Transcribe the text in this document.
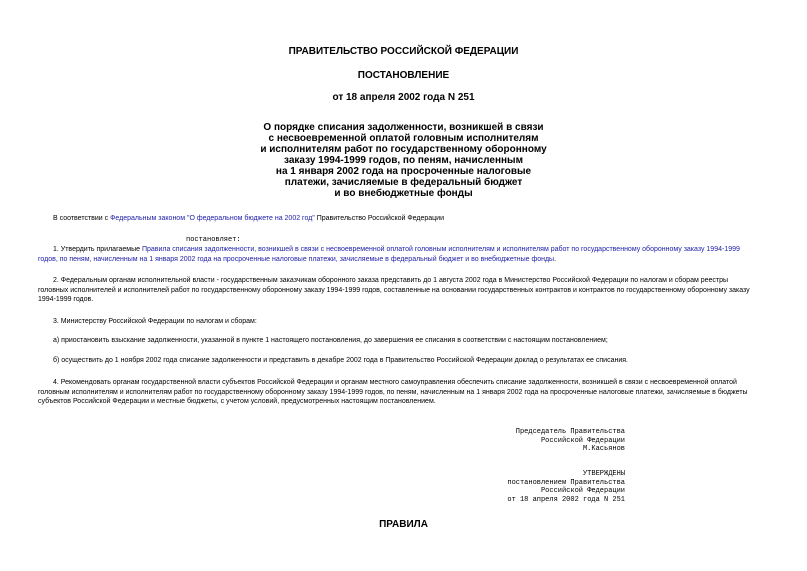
ПРАВИТЕЛЬСТВО РОССИЙСКОЙ ФЕДЕРАЦИИ
ПОСТАНОВЛЕНИЕ
от 18 апреля 2002 года N 251
О порядке списания задолженности, возникшей в связи
с несвоевременной оплатой головным исполнителям
и исполнителям работ по государственному оборонному
заказу 1994-1999 годов, по пеням, начисленным
на 1 января 2002 года на просроченные налоговые
платежи, зачисляемые в федеральный бюджет
и во внебюджетные фонды
В соответствии с Федеральным законом "О федеральном бюджете на 2002 год" Правительство Российской Федерации
постановляет:
1. Утвердить прилагаемые Правила списания задолженности, возникшей в связи с несвоевременной оплатой головным исполнителям и исполнителям работ по государственному оборонному заказу 1994-1999
годов, по пеням, начисленным на 1 января 2002 года на просроченные налоговые платежи, зачисляемые в федеральный бюджет и во внебюджетные фонды.
2. Федеральным органам исполнительной власти - государственным заказчикам оборонного заказа представить до 1 августа 2002 года в Министерство Российской Федерации по налогам и сборам реестры
головных исполнителей и исполнителей работ по государственному оборонному заказу 1994-1999 годов, составленные на основании государственных контрактов и контрактов по государственному оборонному заказу
1994-1999 годов.
3. Министерству Российской Федерации по налогам и сборам:
а) приостановить взыскание задолженности, указанной в пункте 1 настоящего постановления, до завершения ее списания в соответствии с настоящим постановлением;
б) осуществить до 1 ноября 2002 года списание задолженности и представить в декабре 2002 года в Правительство Российской Федерации доклад о результатах ее списания.
4. Рекомендовать органам государственной власти субъектов Российской Федерации и органам местного самоуправления обеспечить списание задолженности, возникшей в связи с несвоевременной оплатой
головным исполнителям и исполнителям работ по государственному оборонному заказу 1994-1999 годов, по пеням, начисленным на 1 января 2002 года на просроченные налоговые платежи, зачисляемые в бюджеты
субъектов Российской Федерации и местные бюджеты, с учетом условий, предусмотренных настоящим постановлением.
Председатель Правительства
Российской Федерации
М.Касьянов
УТВЕРЖДЕНЫ
постановлением Правительства
Российской Федерации
от 18 апреля 2002 года N 251
ПРАВИЛА
